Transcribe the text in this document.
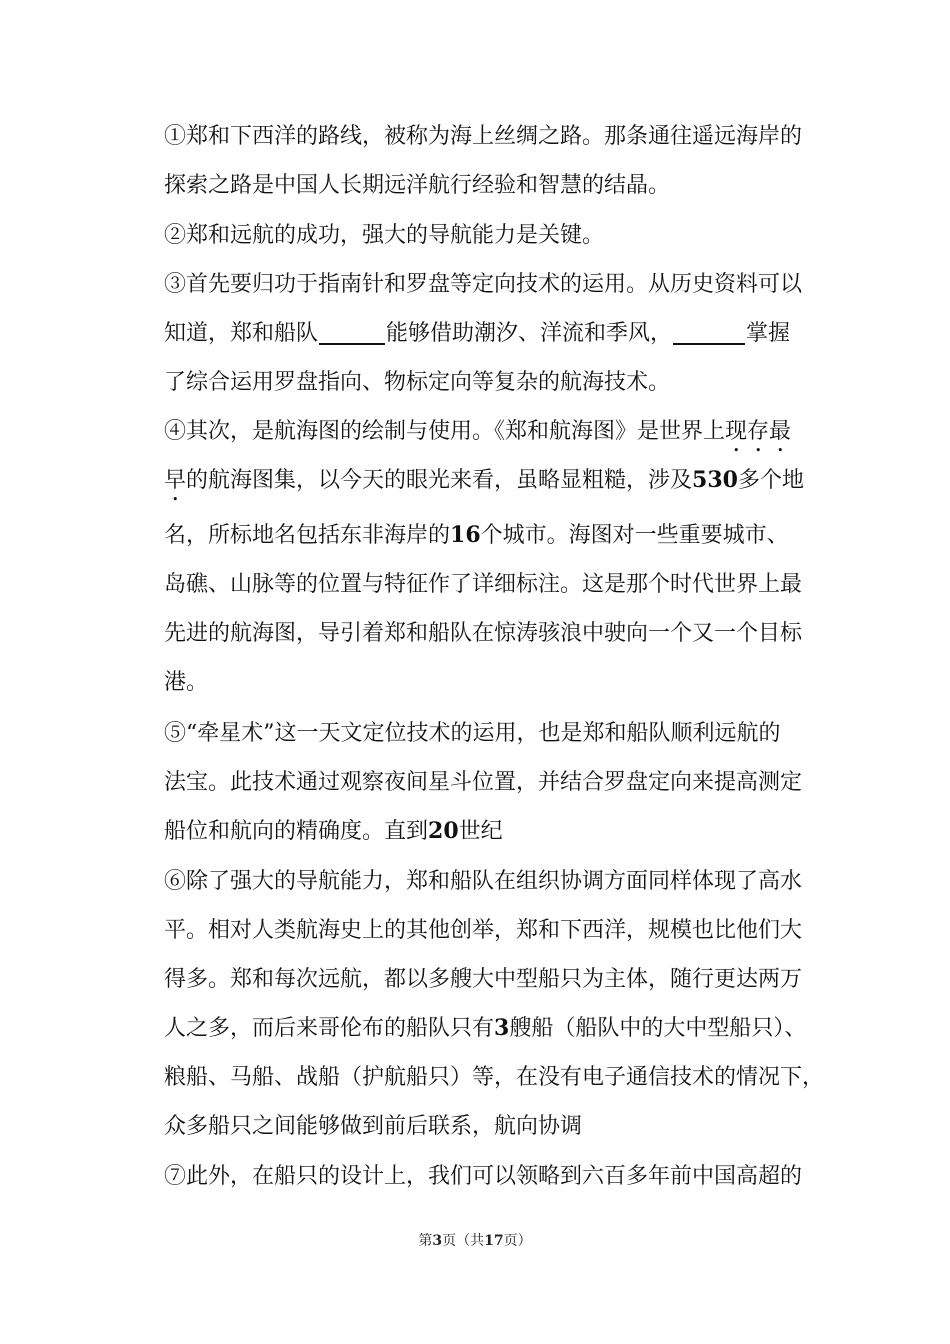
①郑和下西洋的路线，被称为海上丝绸之路。那条通往遥远海岸的
探索之路是中国人长期远洋航行经验和智慧的结晶。
②郑和远航的成功，强大的导航能力是关键。
③首先要归功于指南针和罗盘等定向技术的运用。从历史资料可以
知道，郑和船队	能够借助潮汐、洋流和季风，	掌握
了综合运用罗盘指向、物标定向等复杂的航海技术。
④其次，是航海图的绘制与使用。《郑和航海图》是世界上现存最
早的航海图集，以今天的眼光来看，虽略显粗糙，涉及530多个地
名，所标地名包括东非海岸的16个城市。海图对一些重要城市、
岛礁、山脉等的位置与特征作了详细标注。这是那个时代世界上最
先进的航海图，导引着郑和船队在惊涛骇浪中驶向一个又一个目标
港。
⑤“牵星术”这一天文定位技术的运用，也是郑和船队顺利远航的
法宝。此技术通过观察夜间星斗位置，并结合罗盘定向来提高测定
船位和航向的精确度。直到20世纪
⑥除了强大的导航能力，郑和船队在组织协调方面同样体现了高水
平。相对人类航海史上的其他创举，郑和下西洋，规模也比他们大
得多。郑和每次远航，都以多艘大中型船只为主体，随行更达两万
人之多，而后来哥伦布的船队只有3艘船（船队中的大中型船只）、
粮船、马船、战船（护航船只）等，在没有电子通信技术的情况下，
众多船只之间能够做到前后联系，航向协调
⑦此外，在船只的设计上，我们可以领略到六百多年前中国高超的
第3页（共17页）
